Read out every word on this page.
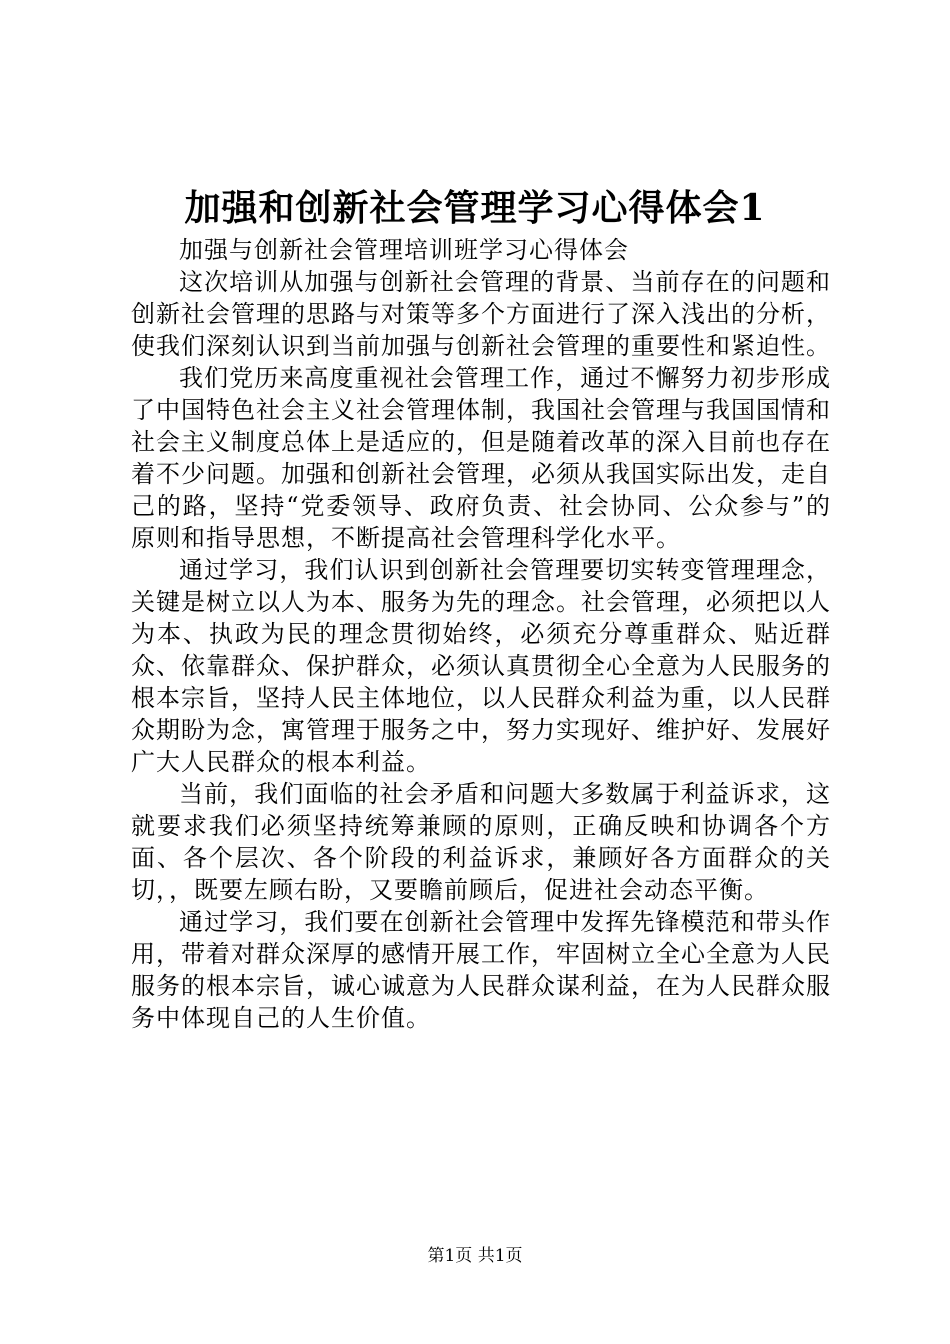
加强和创新社会管理学习心得体会1

加强与创新社会管理培训班学习心得体会

这次培训从加强与创新社会管理的背景、当前存在的问题和创新社会管理的思路与对策等多个方面进行了深入浅出的分析，使我们深刻认识到当前加强与创新社会管理的重要性和紧迫性。

我们党历来高度重视社会管理工作，通过不懈努力初步形成了中国特色社会主义社会管理体制，我国社会管理与我国国情和社会主义制度总体上是适应的，但是随着改革的深入目前也存在着不少问题。加强和创新社会管理，必须从我国实际出发，走自己的路，坚持“党委领导、政府负责、社会协同、公众参与”的原则和指导思想，不断提高社会管理科学化水平。

通过学习，我们认识到创新社会管理要切实转变管理理念，关键是树立以人为本、服务为先的理念。社会管理，必须把以人为本、执政为民的理念贯彻始终，必须充分尊重群众、贴近群众、依靠群众、保护群众，必须认真贯彻全心全意为人民服务的根本宗旨，坚持人民主体地位，以人民群众利益为重，以人民群众期盼为念，寓管理于服务之中，努力实现好、维护好、发展好广大人民群众的根本利益。

当前，我们面临的社会矛盾和问题大多数属于利益诉求，这就要求我们必须坚持统筹兼顾的原则，正确反映和协调各个方面、各个层次、各个阶段的利益诉求，兼顾好各方面群众的关切，，既要左顾右盼，又要瞻前顾后，促进社会动态平衡。

通过学习，我们要在创新社会管理中发挥先锋模范和带头作用，带着对群众深厚的感情开展工作，牢固树立全心全意为人民服务的根本宗旨，诚心诚意为人民群众谋利益，在为人民群众服务中体现自己的人生价值。

第1页 共1页
